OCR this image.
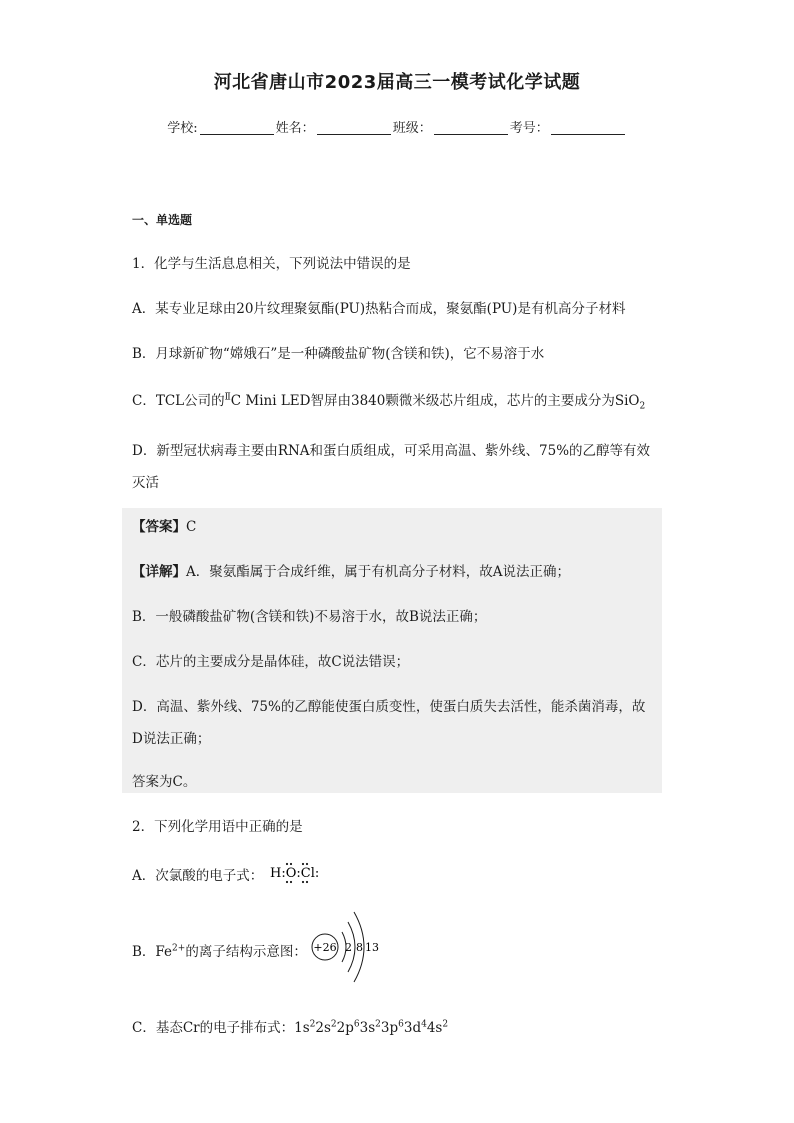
河北省唐山市2023届高三一模考试化学试题
学校:	姓名：	班级：	考号：
一、单选题
1．化学与生活息息相关，下列说法中错误的是
A．某专业足球由20片纹理聚氨酯(PU)热粘合而成，聚氨酯(PU)是有机高分子材料
B．月球新矿物“嫦娥石”是一种磷酸盐矿物(含镁和铁)，它不易溶于水
C．TCL公司的$^Ⅱ$C Mini LED智屏由3840颗微米级芯片组成，芯片的主要成分为SiO$_2$
D．新型冠状病毒主要由RNA和蛋白质组成，可采用高温、紫外线、75%的乙醇等有效
灭活
【答案】C
【详解】A．聚氨酯属于合成纤维，属于有机高分子材料，故A说法正确；
B．一般磷酸盐矿物(含镁和铁)不易溶于水，故B说法正确；
C．芯片的主要成分是晶体硅，故C说法错误；
D．高温、紫外线、75%的乙醇能使蛋白质变性，使蛋白质失去活性，能杀菌消毒，故
D说法正确；
答案为C。
2．下列化学用语中正确的是
A．次氯酸的电子式： H:O:Cl:
B．$Fe^{2+}$的离子结构示意图： +26 2 8 13
C．基态Cr的电子排布式：$1s^22s^22p^63s^23p^63d^44s^2$
